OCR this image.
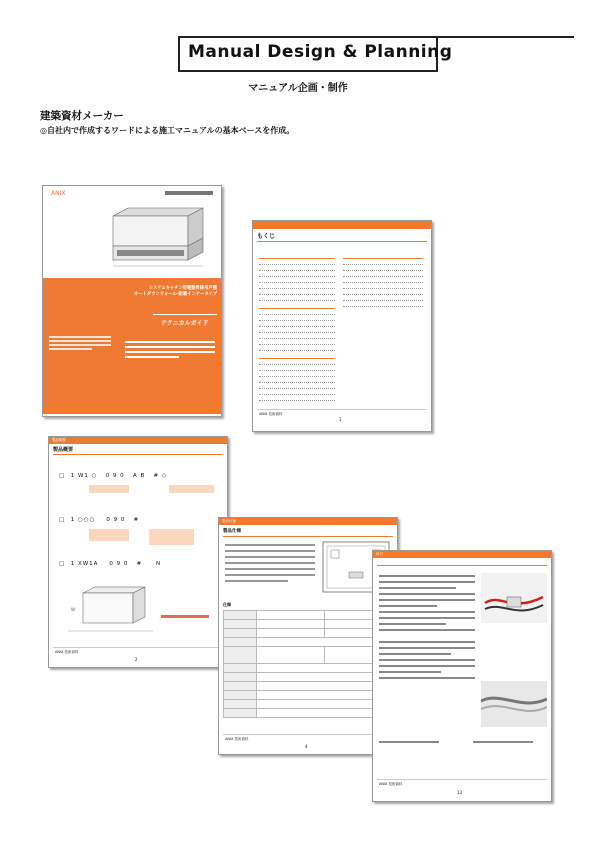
Manual Design & Planning
マニュアル企画・制作
建築資材メーカー
◎自社内で作成するワードによる施工マニュアルの基本ベースを作成。
ANIX
システムキッチン用電動昇降吊戸棚
オートダウンウォール-耐震インナータイプ
テクニカルガイド
もくじ
ANIX 技術資料
1
製品概要
製品概要
□ 1 W1 ○   0 9 0 A B # ◇
□ 1 ○○○ 0 9 0 #
□ 1 XW1A 0 9 0 #	N
W
ANIX 技術資料
2
製品仕様
製品仕様
仕様

ANIX 技術資料
4
取付
ANIX 技術資料
13
